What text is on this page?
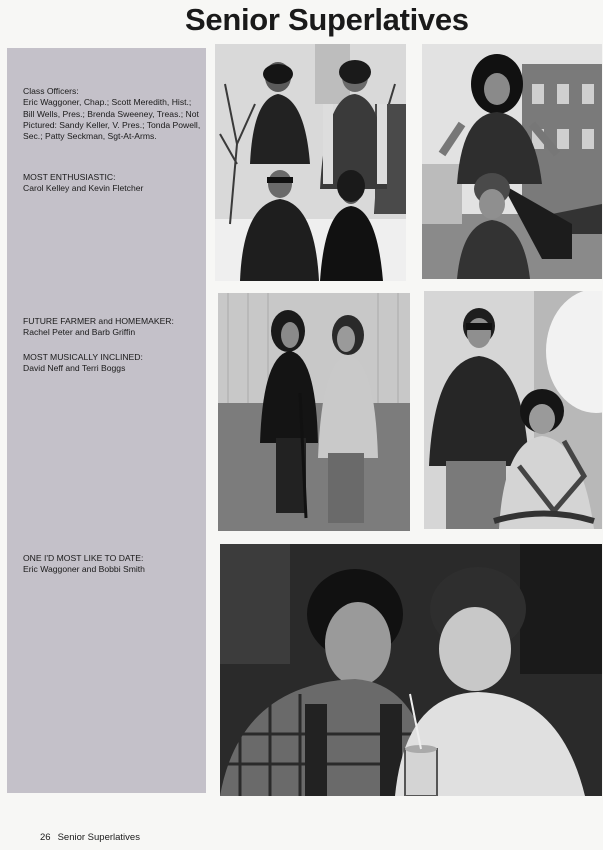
Senior Superlatives

Class Officers:

Eric Waggoner, Chap.; Scott Meredith, Hist.; Bill Wells, Pres.; Brenda Sweeney, Treas.; Not Pictured: Sandy Keller, V. Pres.; Tonda Powell, Sec.; Patty Seckman, Sgt-At-Arms.

MOST ENTHUSIASTIC:

Carol Kelley and Kevin Fletcher

FUTURE FARMER and HOMEMAKER:

Rachel Peter and Barb Griffin

MOST MUSICALLY INCLINED:

David Neff and Terri Boggs

ONE I'D MOST LIKE TO DATE:

Eric Waggoner and Bobbi Smith

26 Senior Superlatives
